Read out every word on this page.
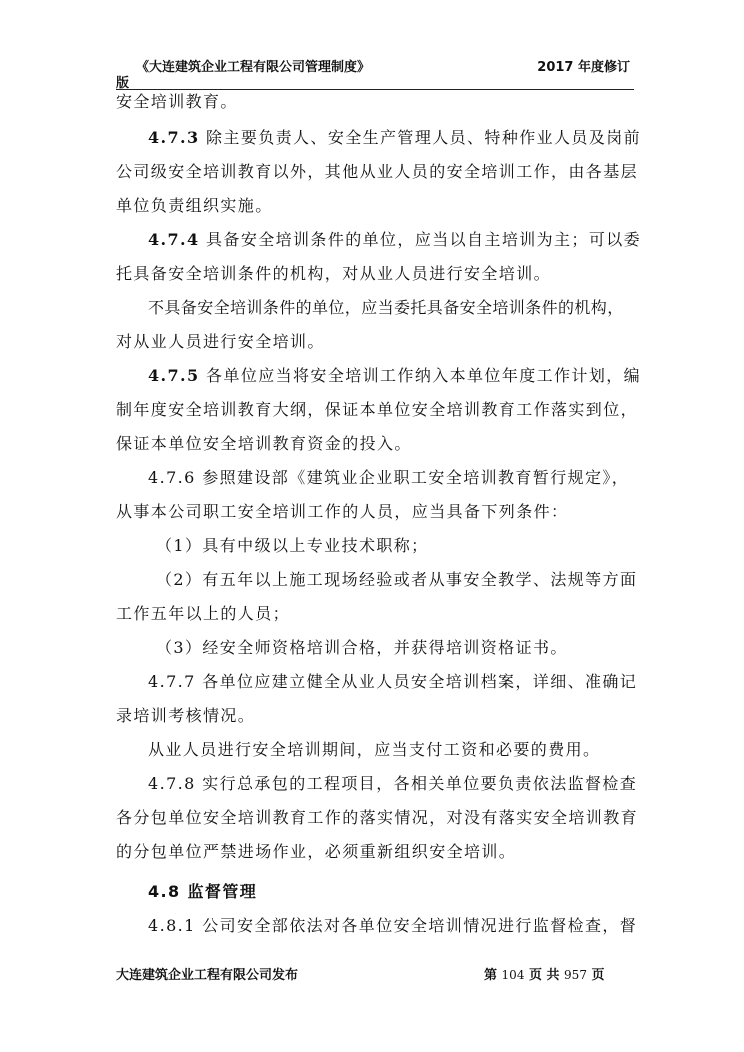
《大连建筑企业工程有限公司管理制度》	2017 年度修订
版
安全培训教育。
4.7.3 除主要负责人、安全生产管理人员、特种作业人员及岗前
公司级安全培训教育以外，其他从业人员的安全培训工作，由各基层
单位负责组织实施。
4.7.4 具备安全培训条件的单位，应当以自主培训为主；可以委
托具备安全培训条件的机构，对从业人员进行安全培训。
不具备安全培训条件的单位，应当委托具备安全培训条件的机构，
对从业人员进行安全培训。
4.7.5 各单位应当将安全培训工作纳入本单位年度工作计划，编
制年度安全培训教育大纲，保证本单位安全培训教育工作落实到位，
保证本单位安全培训教育资金的投入。
4.7.6 参照建设部《建筑业企业职工安全培训教育暂行规定》，
从事本公司职工安全培训工作的人员，应当具备下列条件：
（1）具有中级以上专业技术职称；
（2）有五年以上施工现场经验或者从事安全教学、法规等方面
工作五年以上的人员；
（3）经安全师资格培训合格，并获得培训资格证书。
4.7.7 各单位应建立健全从业人员安全培训档案，详细、准确记
录培训考核情况。
从业人员进行安全培训期间，应当支付工资和必要的费用。
4.7.8 实行总承包的工程项目，各相关单位要负责依法监督检查
各分包单位安全培训教育工作的落实情况，对没有落实安全培训教育
的分包单位严禁进场作业，必须重新组织安全培训。
4.8 监督管理
4.8.1 公司安全部依法对各单位安全培训情况进行监督检查，督
大连建筑企业工程有限公司发布	第 104 页 共 957 页
